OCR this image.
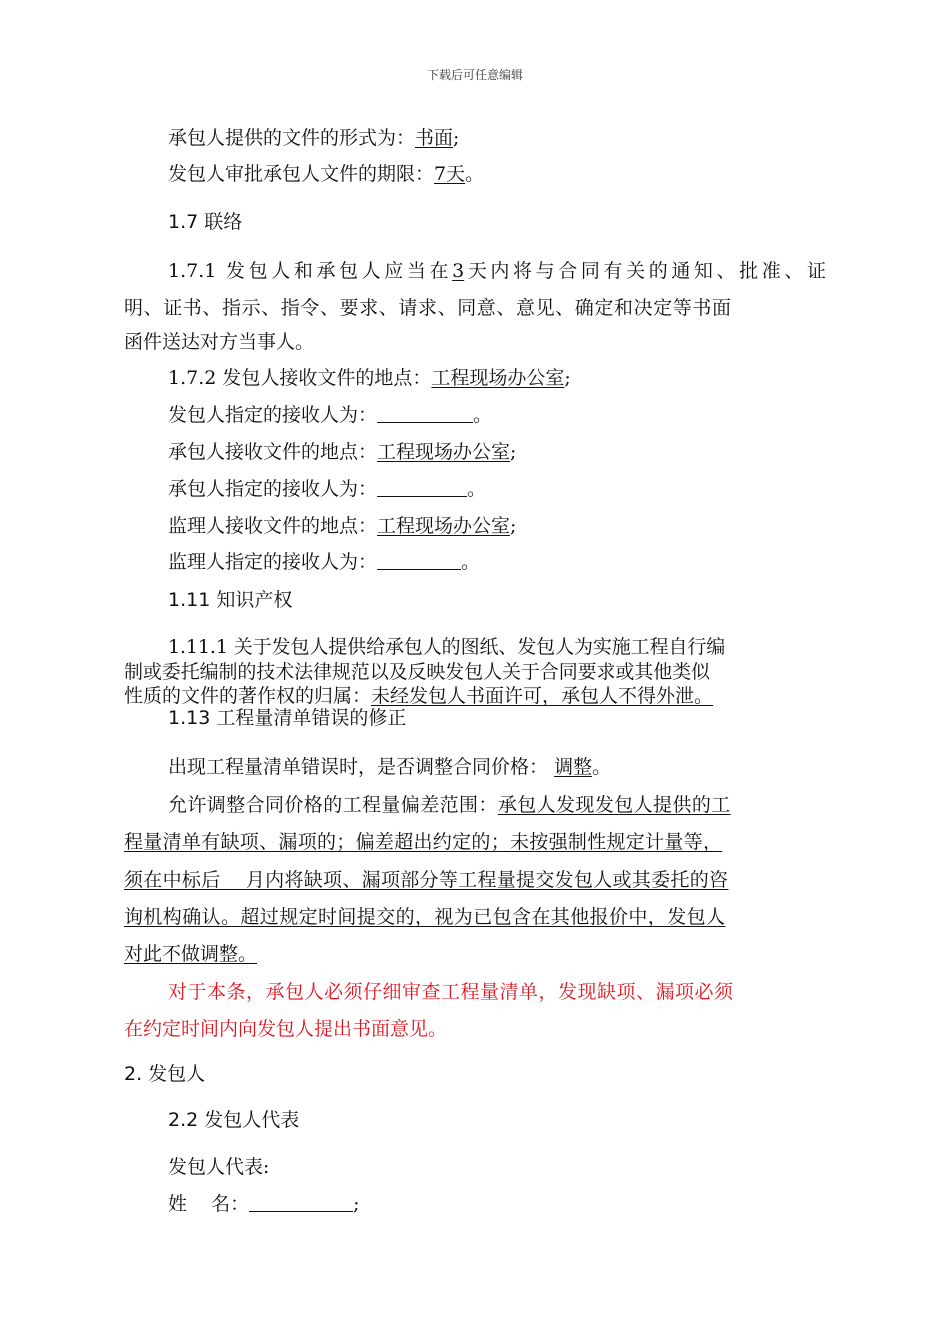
下载后可任意编辑
承包人提供的文件的形式为：书面;
发包人审批承包人文件的期限：7天。
1.7 联络
1.7.1 发包人和承包人应当在3天内将与合同有关的通知、批准、证
明、证书、指示、指令、要求、请求、同意、意见、确定和决定等书面
函件送达对方当事人。
1.7.2 发包人接收文件的地点：工程现场办公室;
发包人指定的接收人为：	。
承包人接收文件的地点：工程现场办公室;
承包人指定的接收人为：	。
监理人接收文件的地点：工程现场办公室;
监理人指定的接收人为：	。
1.11 知识产权
1.11.1 关于发包人提供给承包人的图纸、发包人为实施工程自行编
制或委托编制的技术法律规范以及反映发包人关于合同要求或其他类似
性质的文件的著作权的归属：未经发包人书面许可，承包人不得外泄。
1.13 工程量清单错误的修正
出现工程量清单错误时，是否调整合同价格： 调整。
允许调整合同价格的工程量偏差范围：承包人发现发包人提供的工
程量清单有缺项、漏项的；偏差超出约定的；未按强制性规定计量等，
须在中标后    月内将缺项、漏项部分等工程量提交发包人或其委托的咨
询机构确认。超过规定时间提交的，视为已包含在其他报价中，发包人
对此不做调整。
对于本条，承包人必须仔细审查工程量清单，发现缺项、漏项必须
在约定时间内向发包人提出书面意见。
2. 发包人
2.2 发包人代表
发包人代表:
姓    名：	;
